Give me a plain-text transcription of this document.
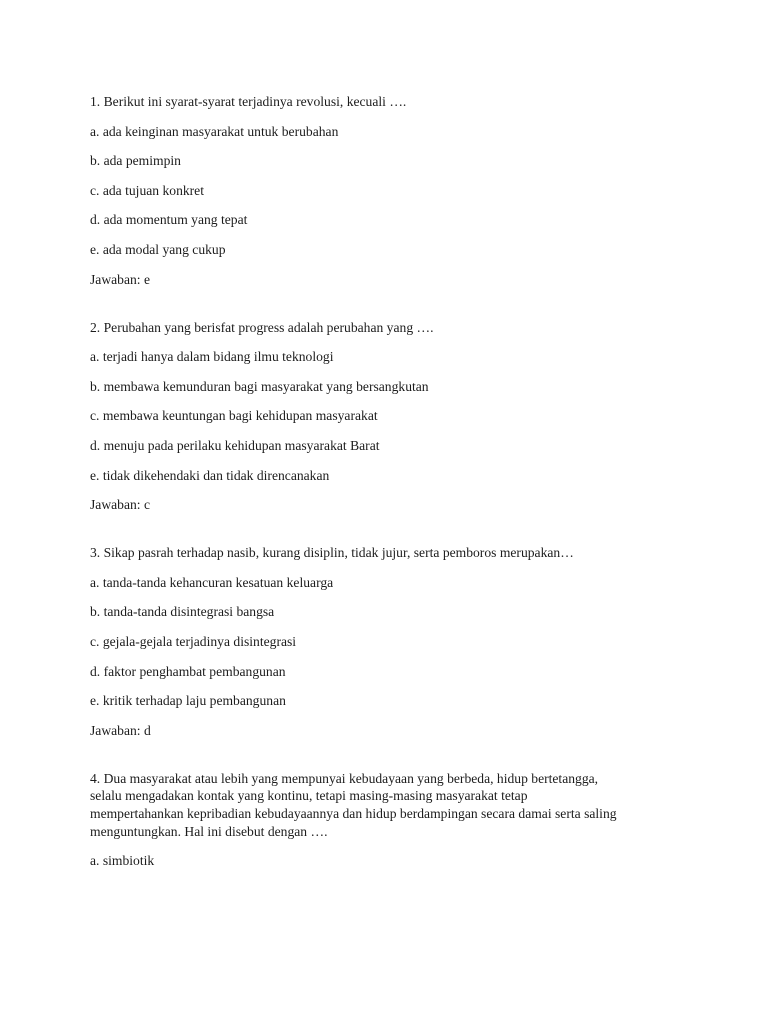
1. Berikut ini syarat-syarat terjadinya revolusi, kecuali ….
a. ada keinginan masyarakat untuk berubahan
b. ada pemimpin
c. ada tujuan konkret
d. ada momentum yang tepat
e. ada modal yang cukup
Jawaban: e
2. Perubahan yang berisfat progress adalah perubahan yang ….
a. terjadi hanya dalam bidang ilmu teknologi
b. membawa kemunduran bagi masyarakat yang bersangkutan
c. membawa keuntungan bagi kehidupan masyarakat
d. menuju pada perilaku kehidupan masyarakat Barat
e. tidak dikehendaki dan tidak direncanakan
Jawaban: c
3. Sikap pasrah terhadap nasib, kurang disiplin, tidak jujur, serta pemboros merupakan…
a. tanda-tanda kehancuran kesatuan keluarga
b. tanda-tanda disintegrasi bangsa
c. gejala-gejala terjadinya disintegrasi
d. faktor penghambat pembangunan
e. kritik terhadap laju pembangunan
Jawaban: d
4. Dua masyarakat atau lebih yang mempunyai kebudayaan yang berbeda, hidup bertetangga,
selalu mengadakan kontak yang kontinu, tetapi masing-masing masyarakat tetap
mempertahankan kepribadian kebudayaannya dan hidup berdampingan secara damai serta saling
menguntungkan. Hal ini disebut dengan ….
a. simbiotik
